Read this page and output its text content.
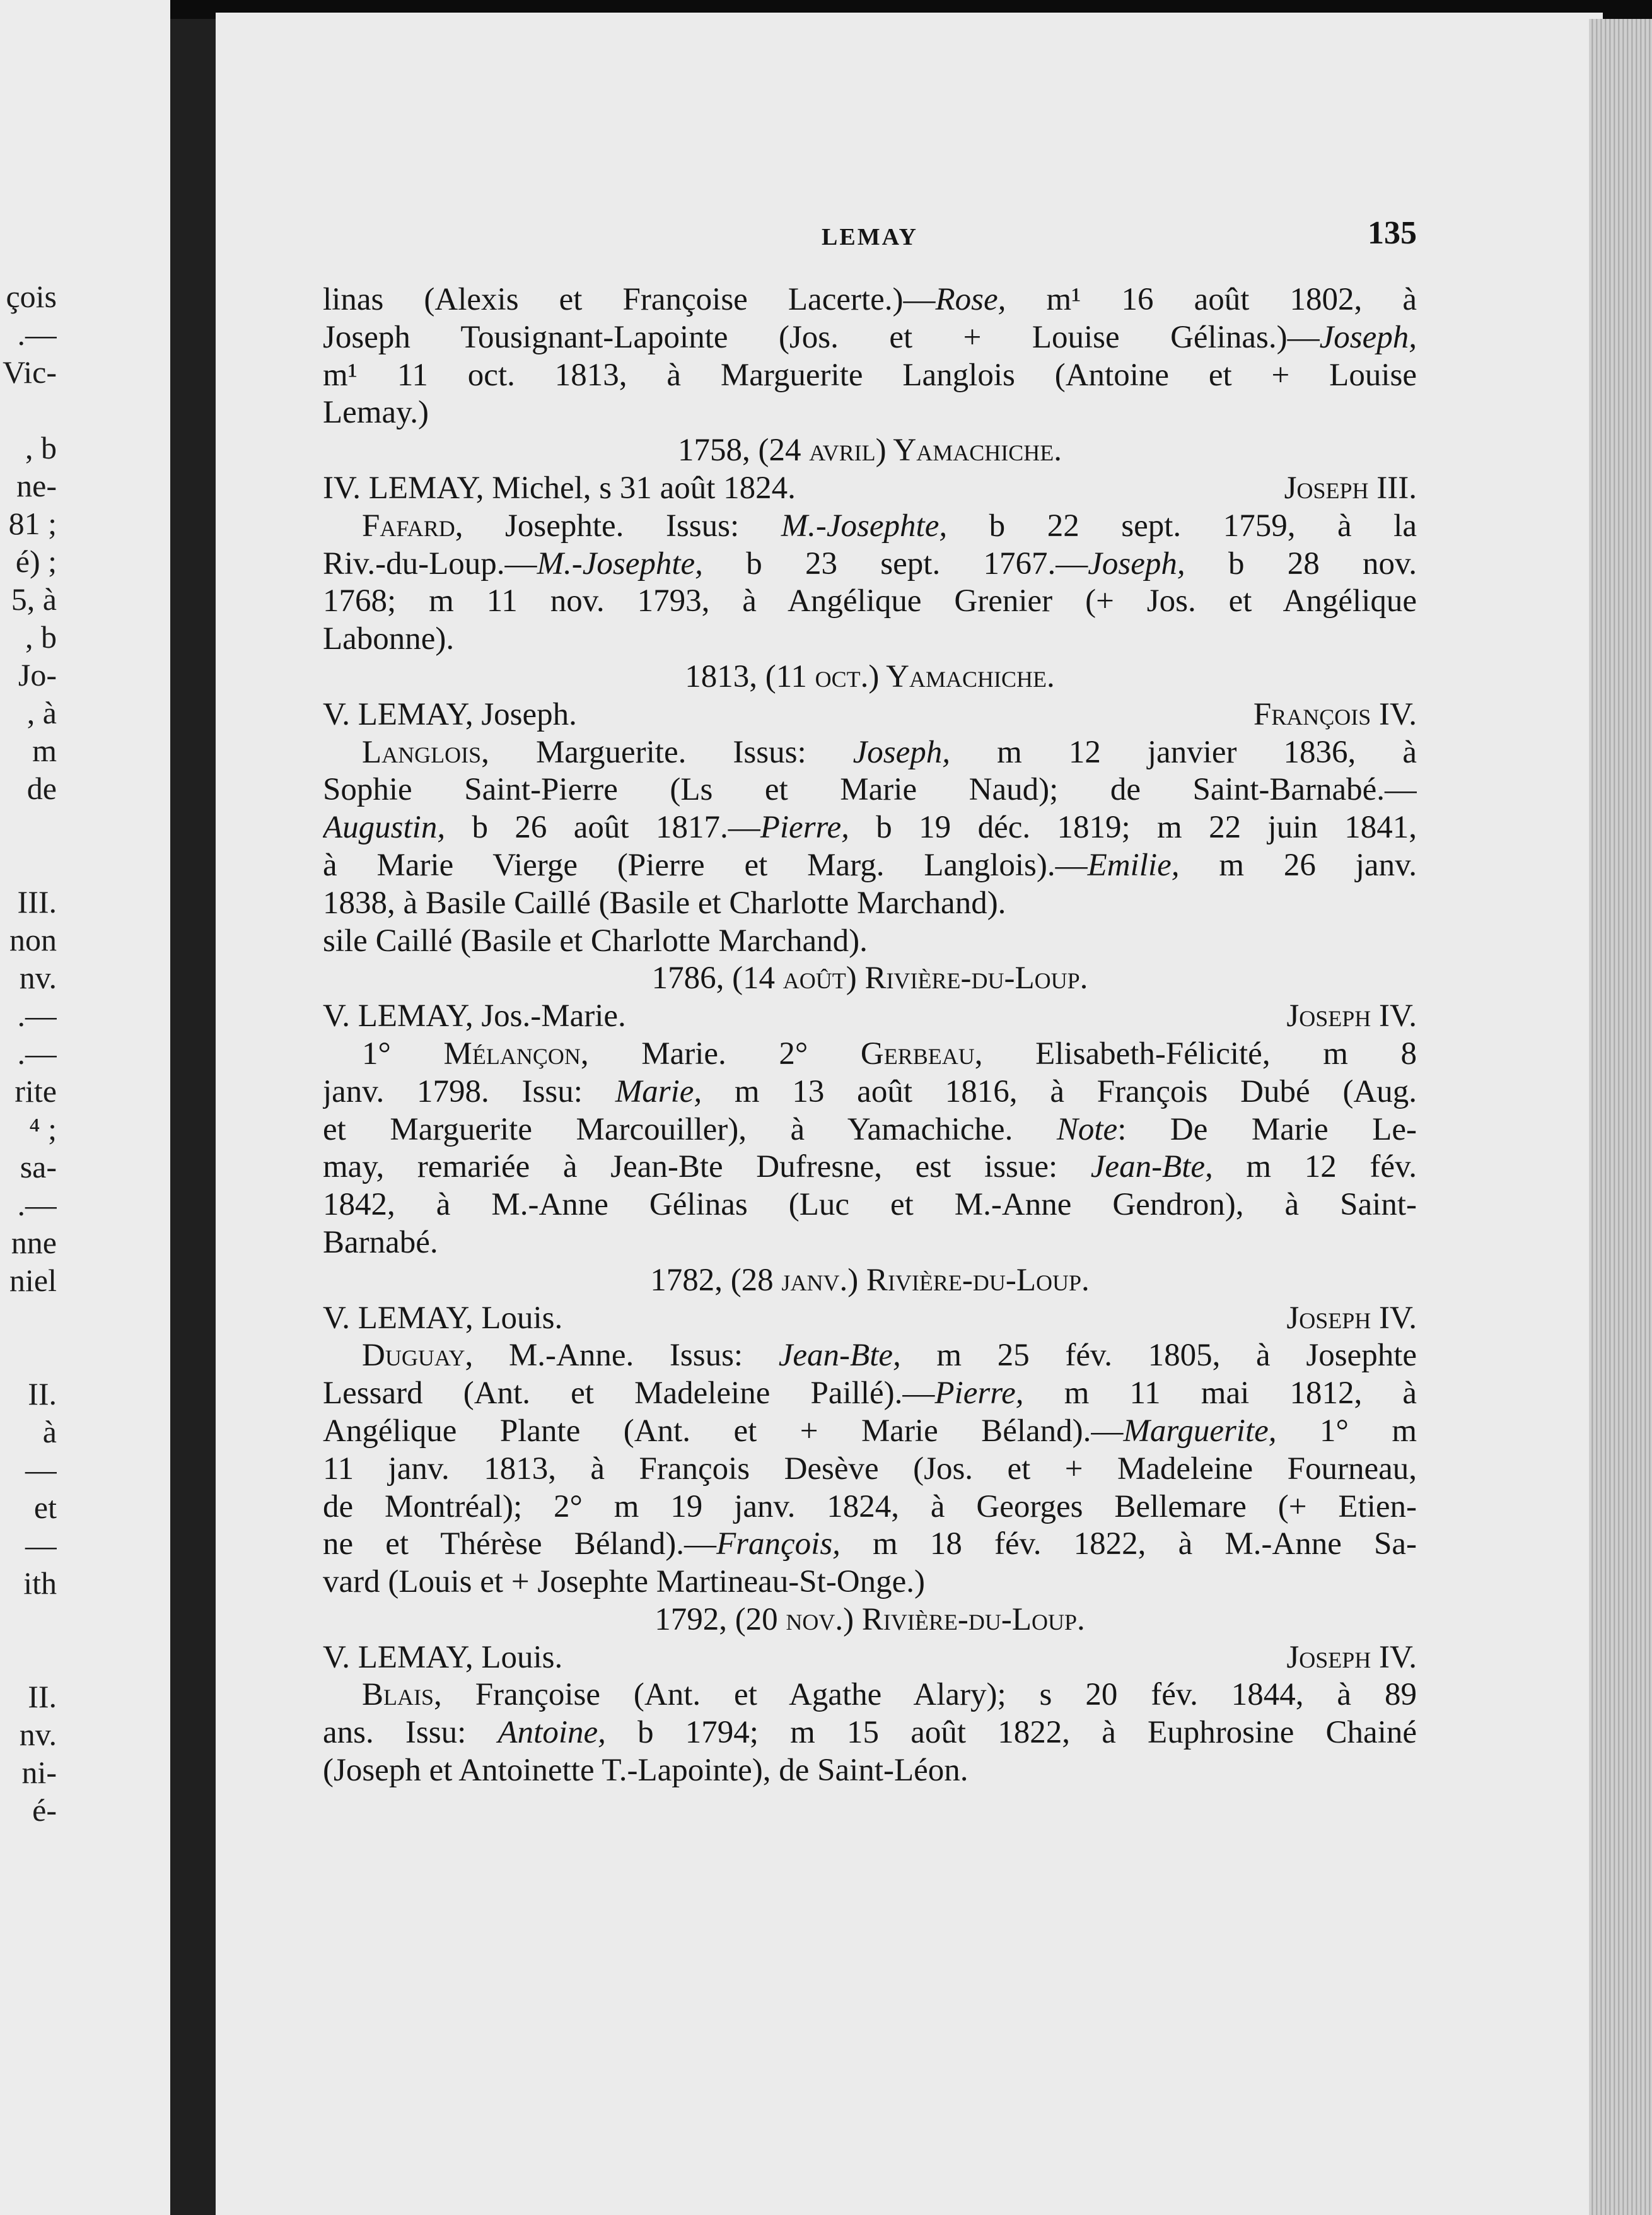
çois
.—
Vic-
, b
ne-
81 ;
é) ;
5, à
, b
Jo-
, à
m
de
III.
non
nv.
.—
.—
rite
⁴ ;
sa-
.—
nne
niel
II.
à
—
et
—
ith
II.
nv.
ni-
é-
LEMAY	135
linas (Alexis et Françoise Lacerte.)—Rose, m¹ 16 août 1802, à
Joseph Tousignant-Lapointe (Jos. et + Louise Gélinas.)—Joseph,
m¹ 11 oct. 1813, à Marguerite Langlois (Antoine et + Louise
Lemay.)
1758, (24 avril) Yamachiche.
IV. LEMAY, Michel, s 31 août 1824.	Joseph III.
Fafard, Josephte. Issus: M.-Josephte, b 22 sept. 1759, à la
Riv.-du-Loup.—M.-Josephte, b 23 sept. 1767.—Joseph, b 28 nov.
1768; m 11 nov. 1793, à Angélique Grenier (+ Jos. et Angélique
Labonne).
1813, (11 oct.) Yamachiche.
V. LEMAY, Joseph.	François IV.
Langlois, Marguerite. Issus: Joseph, m 12 janvier 1836, à
Sophie Saint-Pierre (Ls et Marie Naud); de Saint-Barnabé.—
Augustin, b 26 août 1817.—Pierre, b 19 déc. 1819; m 22 juin 1841,
à Marie Vierge (Pierre et Marg. Langlois).—Emilie, m 26 janv.
1838, à Basile Caillé (Basile et Charlotte Marchand).
sile Caillé (Basile et Charlotte Marchand).
1786, (14 août) Rivière-du-Loup.
V. LEMAY, Jos.-Marie.	Joseph IV.
1° Mélançon, Marie. 2° Gerbeau, Elisabeth-Félicité, m 8
janv. 1798. Issu: Marie, m 13 août 1816, à François Dubé (Aug.
et Marguerite Marcouiller), à Yamachiche. Note: De Marie Le-
may, remariée à Jean-Bte Dufresne, est issue: Jean-Bte, m 12 fév.
1842, à M.-Anne Gélinas (Luc et M.-Anne Gendron), à Saint-
Barnabé.
1782, (28 janv.) Rivière-du-Loup.
V. LEMAY, Louis.	Joseph IV.
Duguay, M.-Anne. Issus: Jean-Bte, m 25 fév. 1805, à Josephte
Lessard (Ant. et Madeleine Paillé).—Pierre, m 11 mai 1812, à
Angélique Plante (Ant. et + Marie Béland).—Marguerite, 1° m
11 janv. 1813, à François Desève (Jos. et + Madeleine Fourneau,
de Montréal); 2° m 19 janv. 1824, à Georges Bellemare (+ Etien-
ne et Thérèse Béland).—François, m 18 fév. 1822, à M.-Anne Sa-
vard (Louis et + Josephte Martineau-St-Onge.)
1792, (20 nov.) Rivière-du-Loup.
V. LEMAY, Louis.	Joseph IV.
Blais, Françoise (Ant. et Agathe Alary); s 20 fév. 1844, à 89
ans. Issu: Antoine, b 1794; m 15 août 1822, à Euphrosine Chainé
(Joseph et Antoinette T.-Lapointe), de Saint-Léon.
